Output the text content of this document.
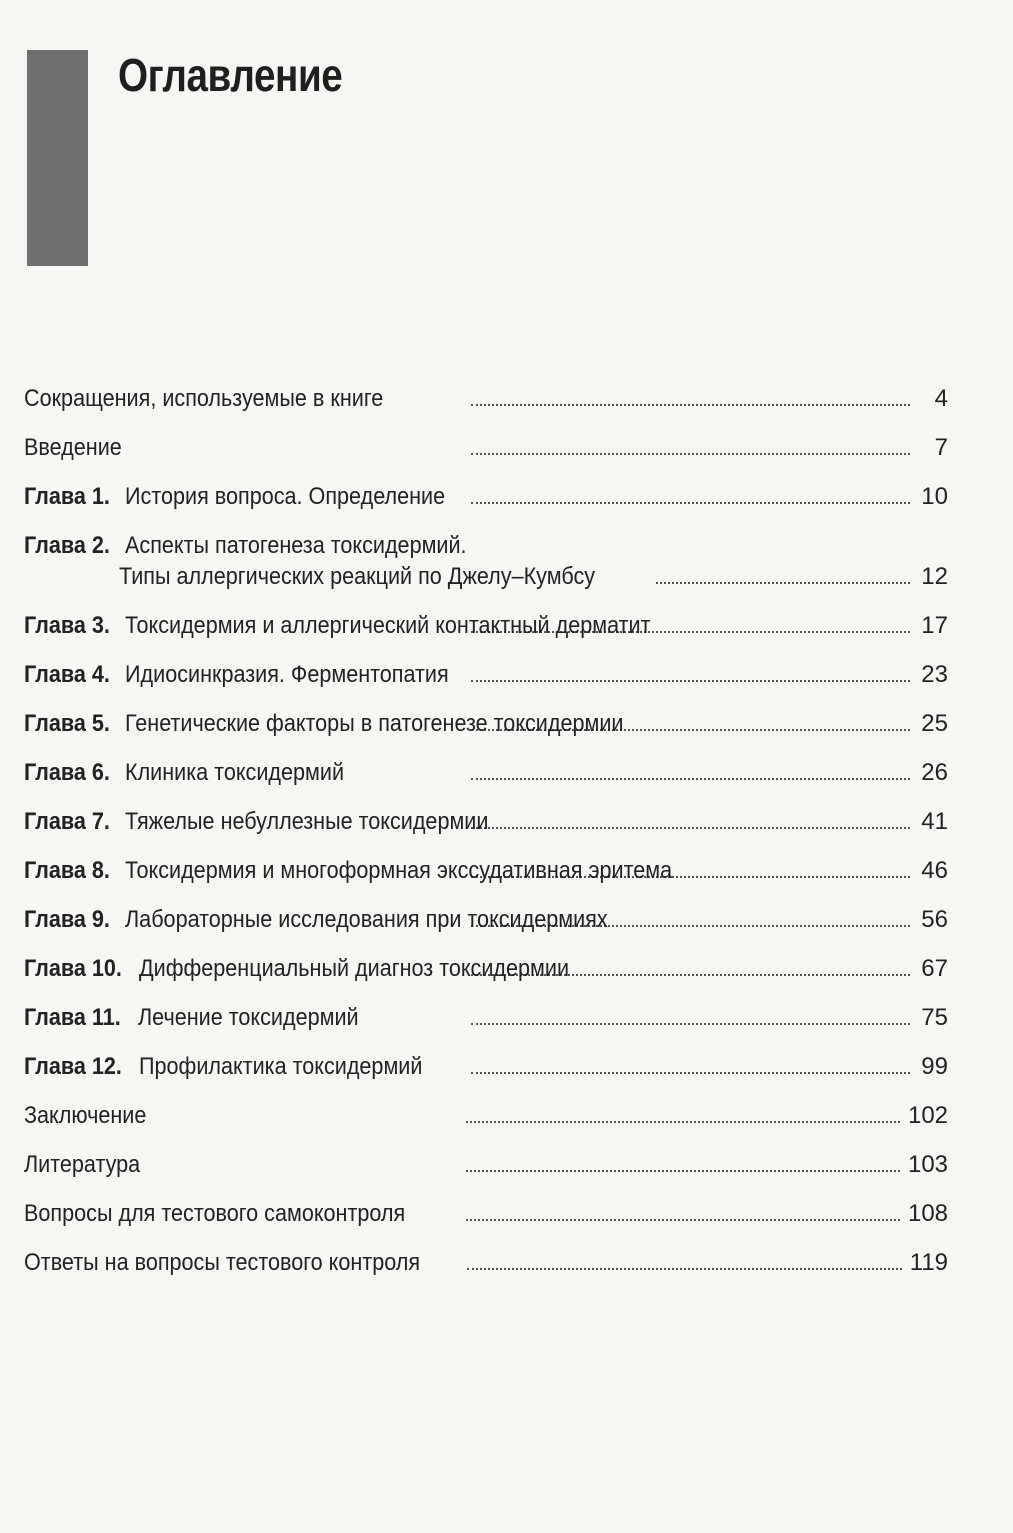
Оглавление
Сокращения, используемые в книге	4
Введение	7
Глава 1. История вопроса. Определение	10
Глава 2. Аспекты патогенеза токсидермий.
Типы аллергических реакций по Джелу–Кумбсу	12
Глава 3. Токсидермия и аллергический контактный дерматит	17
Глава 4. Идиосинкразия. Ферментопатия	23
Глава 5. Генетические факторы в патогенезе токсидермии	25
Глава 6. Клиника токсидермий	26
Глава 7. Тяжелые небуллезные токсидермии	41
Глава 8. Токсидермия и многоформная экссудативная эритема	46
Глава 9. Лабораторные исследования при токсидермиях	56
Глава 10. Дифференциальный диагноз токсидермии	67
Глава 11. Лечение токсидермий	75
Глава 12. Профилактика токсидермий	99
Заключение	102
Литература	103
Вопросы для тестового самоконтроля	108
Ответы на вопросы тестового контроля	119
